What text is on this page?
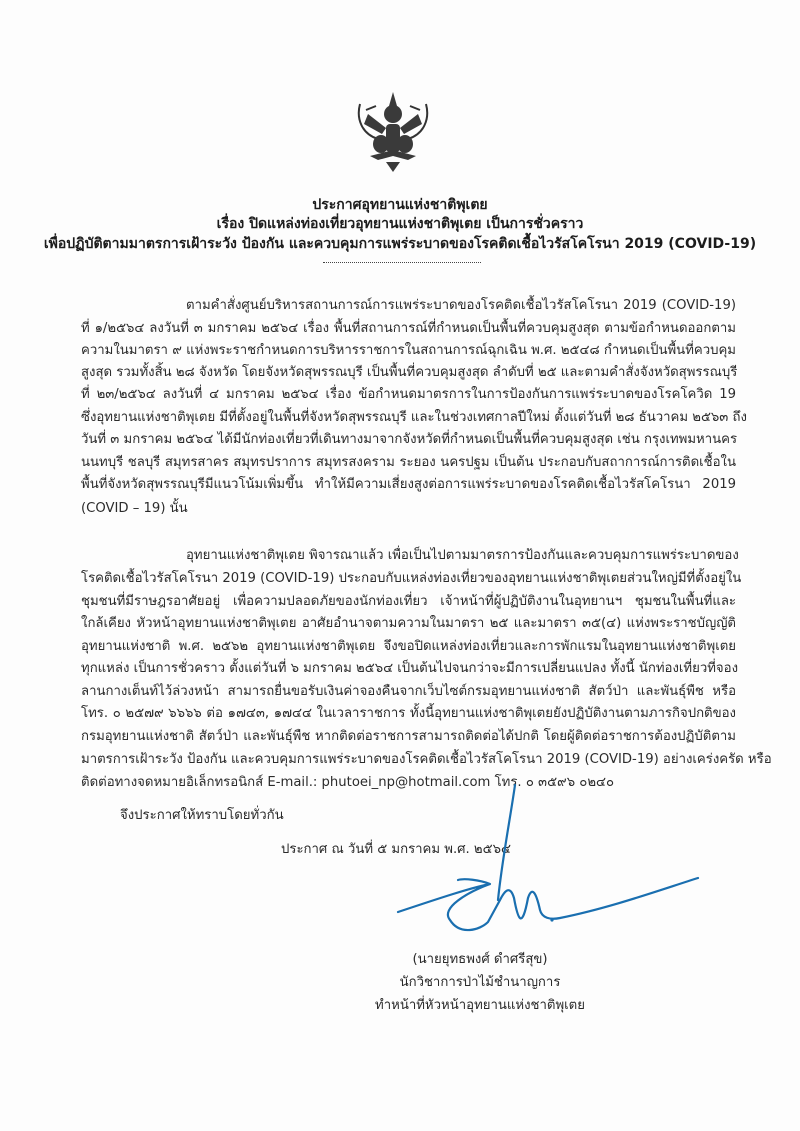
ประกาศอุทยานแห่งชาติพุเตย
เรื่อง ปิดแหล่งท่องเที่ยวอุทยานแห่งชาติพุเตย เป็นการชั่วคราว
เพื่อปฏิบัติตามมาตรการเฝ้าระวัง ป้องกัน และควบคุมการแพร่ระบาดของโรคติดเชื้อไวรัสโคโรนา 2019 (COVID-19)
ตามคำสั่งศูนย์บริหารสถานการณ์การแพร่ระบาดของโรคติดเชื้อไวรัสโคโรนา 2019 (COVID-19)
ที่ ๑/๒๕๖๔ ลงวันที่ ๓ มกราคม ๒๕๖๔ เรื่อง พื้นที่สถานการณ์ที่กำหนดเป็นพื้นที่ควบคุมสูงสุด ตามข้อกำหนดออกตาม
ความในมาตรา ๙ แห่งพระราชกำหนดการบริหารราชการในสถานการณ์ฉุกเฉิน พ.ศ. ๒๕๔๘ กำหนดเป็นพื้นที่ควบคุม
สูงสุด รวมทั้งสิ้น ๒๘ จังหวัด โดยจังหวัดสุพรรณบุรี เป็นพื้นที่ควบคุมสูงสุด ลำดับที่ ๒๕ และตามคำสั่งจังหวัดสุพรรณบุรี
ที่ ๒๓/๒๕๖๔ ลงวันที่ ๔ มกราคม ๒๕๖๔ เรื่อง ข้อกำหนดมาตรการในการป้องกันการแพร่ระบาดของโรคโควิด 19
ซึ่งอุทยานแห่งชาติพุเตย มีที่ตั้งอยู่ในพื้นที่จังหวัดสุพรรณบุรี และในช่วงเทศกาลปีใหม่ ตั้งแต่วันที่ ๒๘ ธันวาคม ๒๕๖๓ ถึง
วันที่ ๓ มกราคม ๒๕๖๔ ได้มีนักท่องเที่ยวที่เดินทางมาจากจังหวัดที่กำหนดเป็นพื้นที่ควบคุมสูงสุด เช่น กรุงเทพมหานคร
นนทบุรี ชลบุรี สมุทรสาคร สมุทรปราการ สมุทรสงคราม ระยอง นครปฐม เป็นต้น ประกอบกับสถาการณ์การติดเชื้อใน
พื้นที่จังหวัดสุพรรณบุรีมีแนวโน้มเพิ่มขึ้น ทำให้มีความเสี่ยงสูงต่อการแพร่ระบาดของโรคติดเชื้อไวรัสโคโรนา 2019
(COVID – 19) นั้น
อุทยานแห่งชาติพุเตย พิจารณาแล้ว เพื่อเป็นไปตามมาตรการป้องกันและควบคุมการแพร่ระบาดของ
โรคติดเชื้อไวรัสโคโรนา 2019 (COVID-19) ประกอบกับแหล่งท่องเที่ยวของอุทยานแห่งชาติพุเตยส่วนใหญ่มีที่ตั้งอยู่ใน
ชุมชนที่มีราษฎรอาศัยอยู่ เพื่อความปลอดภัยของนักท่องเที่ยว เจ้าหน้าที่ผู้ปฏิบัติงานในอุทยานฯ ชุมชนในพื้นที่และ
ใกล้เคียง หัวหน้าอุทยานแห่งชาติพุเตย อาศัยอำนาจตามความในมาตรา ๒๕ และมาตรา ๓๕(๔) แห่งพระราชบัญญัติ
อุทยานแห่งชาติ พ.ศ. ๒๕๖๒ อุทยานแห่งชาติพุเตย จึงขอปิดแหล่งท่องเที่ยวและการพักแรมในอุทยานแห่งชาติพุเตย
ทุกแหล่ง เป็นการชั่วคราว ตั้งแต่วันที่ ๖ มกราคม ๒๕๖๔ เป็นต้นไปจนกว่าจะมีการเปลี่ยนแปลง ทั้งนี้ นักท่องเที่ยวที่จอง
ลานกางเต็นท์ไว้ล่วงหน้า สามารถยื่นขอรับเงินค่าจองคืนจากเว็บไซต์กรมอุทยานแห่งชาติ สัตว์ป่า และพันธุ์พืช หรือ
โทร. ๐ ๒๕๗๙ ๖๖๖๖ ต่อ ๑๗๔๓, ๑๗๔๔ ในเวลาราชการ ทั้งนี้อุทยานแห่งชาติพุเตยยังปฏิบัติงานตามภารกิจปกติของ
กรมอุทยานแห่งชาติ สัตว์ป่า และพันธุ์พืช หากติดต่อราชการสามารถติดต่อได้ปกติ โดยผู้ติดต่อราชการต้องปฏิบัติตาม
มาตรการเฝ้าระวัง ป้องกัน และควบคุมการแพร่ระบาดของโรคติดเชื้อไวรัสโคโรนา 2019 (COVID-19) อย่างเคร่งครัด หรือ
ติดต่อทางจดหมายอิเล็กทรอนิกส์ E-mail.: phutoei_np@hotmail.com โทร. ๐ ๓๕๙๖ ๐๒๔๐
จึงประกาศให้ทราบโดยทั่วกัน
ประกาศ ณ วันที่ ๕ มกราคม พ.ศ. ๒๕๖๔
(นายยุทธพงศ์ ดำศรีสุข)
นักวิชาการป่าไม้ชำนาญการ
ทำหน้าที่หัวหน้าอุทยานแห่งชาติพุเตย
